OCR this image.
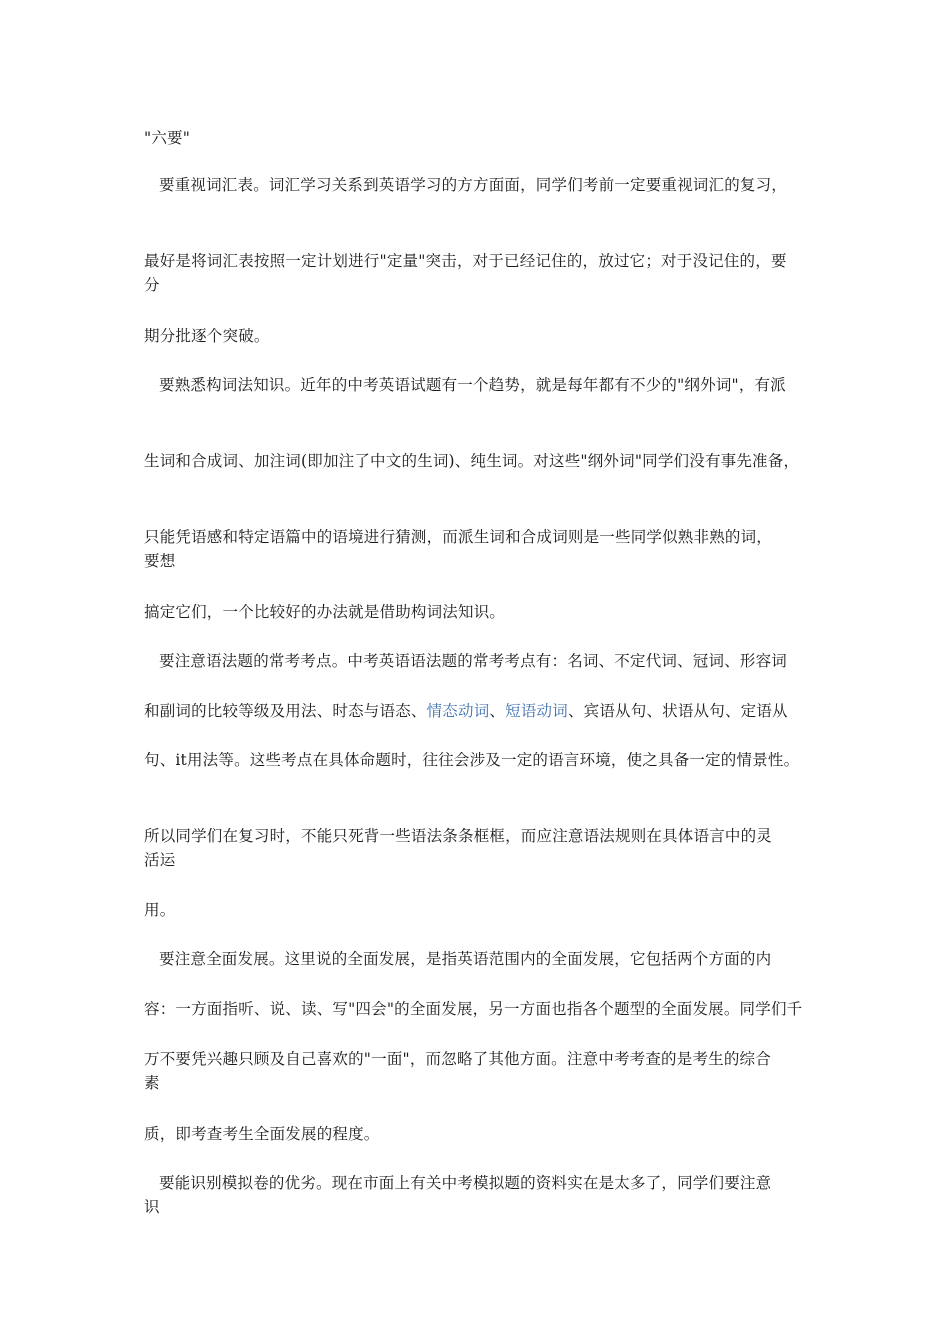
"六要"
要重视词汇表。词汇学习关系到英语学习的方方面面，同学们考前一定要重视词汇的复习，
最好是将词汇表按照一定计划进行"定量"突击，对于已经记住的，放过它；对于没记住的，要
分
期分批逐个突破。
要熟悉构词法知识。近年的中考英语试题有一个趋势，就是每年都有不少的"纲外词"，有派
生词和合成词、加注词(即加注了中文的生词)、纯生词。对这些"纲外词"同学们没有事先准备，
只能凭语感和特定语篇中的语境进行猜测，而派生词和合成词则是一些同学似熟非熟的词，
要想
搞定它们，一个比较好的办法就是借助构词法知识。
要注意语法题的常考考点。中考英语语法题的常考考点有：名词、不定代词、冠词、形容词
和副词的比较等级及用法、时态与语态、情态动词、短语动词、宾语从句、状语从句、定语从
句、it用法等。这些考点在具体命题时，往往会涉及一定的语言环境，使之具备一定的情景性。
所以同学们在复习时，不能只死背一些语法条条框框，而应注意语法规则在具体语言中的灵
活运
用。
要注意全面发展。这里说的全面发展，是指英语范围内的全面发展，它包括两个方面的内
容：一方面指听、说、读、写"四会"的全面发展，另一方面也指各个题型的全面发展。同学们千
万不要凭兴趣只顾及自己喜欢的"一面"，而忽略了其他方面。注意中考考查的是考生的综合
素
质，即考查考生全面发展的程度。
要能识别模拟卷的优劣。现在市面上有关中考模拟题的资料实在是太多了，同学们要注意
识
